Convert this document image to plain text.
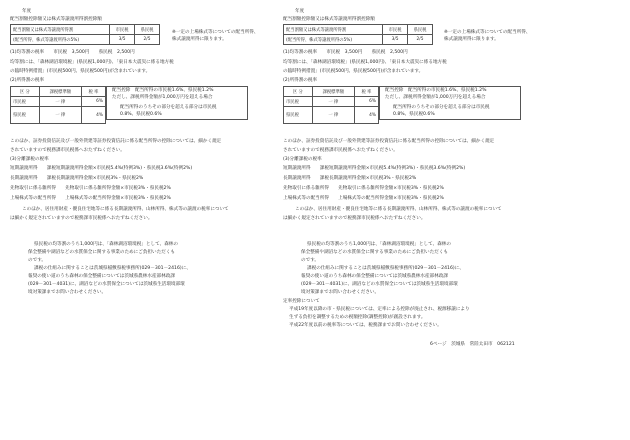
年度
配当割額控除額又は株式等譲渡所得割控除額
配当割額又は株式等譲渡所得割	市民税	県民税
(配当所得、株式等譲渡所得の5%)	3/5	2/5
※一定の上場株式等についての配当所得、
株式譲渡所得に限ります。
(1)均等割の税率　　市民税　3,500円　　県民税　2,500円
均等割には、「森林湖沼環境税」(県民税1,000円)、「東日本大震災に係る地方税
の臨時特例措置」(市民税500円、県民税500円)が含まれています。
(2)所得割の税率
区 分	課税標準額	税 率
市民税	一 律	6%
県民税	一 律	4%
配当控除　配当所得の市民税1.6%、県民税1.2%
ただし、課税所得金額が1,000万円を超える場合
配当所得のうちその部分を超える部分は市民税
0.8%、県民税0.6%
このほか、証券投資信託及び一般外貨建等証券投資信託に係る配当所得の控除については、細かく規定
されていますので税務課市民税係へおたずねください。
(3)分離課税の税率
短期譲渡所得　　課税短期譲渡所得金額×市民税5.4%(特例3%)・県民税3.6%(特例2%)
長期譲渡所得　　課税長期譲渡所得金額×市民税3%・県民税2%
先物取引に係る雑所得　　先物取引に係る雑所得金額×市民税3%・県民税2%
上場株式等の配当所得　　上場株式等の配当所得金額×市民税3%・県民税2%
このほか、居住用財産・優良住宅地等に係る長期譲渡所得、山林所得、株式等の譲渡の税率について
は細かく規定されていますので税務課市民税係へおたずねください。
県民税の均等割のうち1,000円は、「森林湖沼環境税」として、森林の
保全整備や湖沼などの水質保全に関する事業のためにご負担いただくも
のです。
課税の仕組みに関することは茨城県稲敷県税事務所(029－301－2416)に、
報奨の使い道のうち森林の保全整備については茨城県農林水産部林政課
(029－301－4031)に、湖沼などの水質保全については茨城県生活環境部環
境対策課までお問い合わせください。
年度
配当割額控除額又は株式等譲渡所得割控除額
配当割額又は株式等譲渡所得割	市民税	県民税
(配当所得、株式等譲渡所得の5%)	3/5	2/5
※一定の上場株式等についての配当所得、
株式譲渡所得に限ります。
(1)均等割の税率　　市民税　3,500円　　県民税　2,500円
均等割には、「森林湖沼環境税」(県民税1,000円)、「東日本大震災に係る地方税
の臨時特例措置」(市民税500円、県民税500円)が含まれています。
(2)所得割の税率
区 分	課税標準額	税 率
市民税	一 律	6%
県民税	一 律	4%
配当控除　配当所得の市民税1.6%、県民税1.2%
ただし、課税所得金額が1,000万円を超える場合
配当所得のうちその部分を超える部分は市民税
0.8%、県民税0.6%
このほか、証券投資信託及び一般外貨建等証券投資信託に係る配当所得の控除については、細かく規定
されていますので税務課市民税係へおたずねください。
(3)分離課税の税率
短期譲渡所得　　課税短期譲渡所得金額×市民税5.4%(特例3%)・県民税3.6%(特例2%)
長期譲渡所得　　課税長期譲渡所得金額×市民税3%・県民税2%
先物取引に係る雑所得　　先物取引に係る雑所得金額×市民税3%・県民税2%
上場株式等の配当所得　　上場株式等の配当所得金額×市民税3%・県民税2%
このほか、居住用財産・優良住宅地等に係る長期譲渡所得、山林所得、株式等の譲渡の税率について
は細かく規定されていますので税務課市民税係へおたずねください。
県民税の均等割のうち1,000円は、「森林湖沼環境税」として、森林の
保全整備や湖沼などの水質保全に関する事業のためにご負担いただくも
のです。
課税の仕組みに関することは茨城県稲敷県税事務所(029－301－2416)に、
報奨の使い道のうち森林の保全整備については茨城県農林水産部林政課
(029－301－4031)に、湖沼などの水質保全については茨城県生活環境部環
境対策課までお問い合わせください。
定率控除について
平成19年度以降の市・県民税については、定率による控除が廃止され、税源移譲により
生ずる負担を調整するための税額控除(調整控除)が創設されます。
平成22年度以前の税率等については、税務課までお問い合わせください。
6ページ　茨城県　常陸太田市　062121
